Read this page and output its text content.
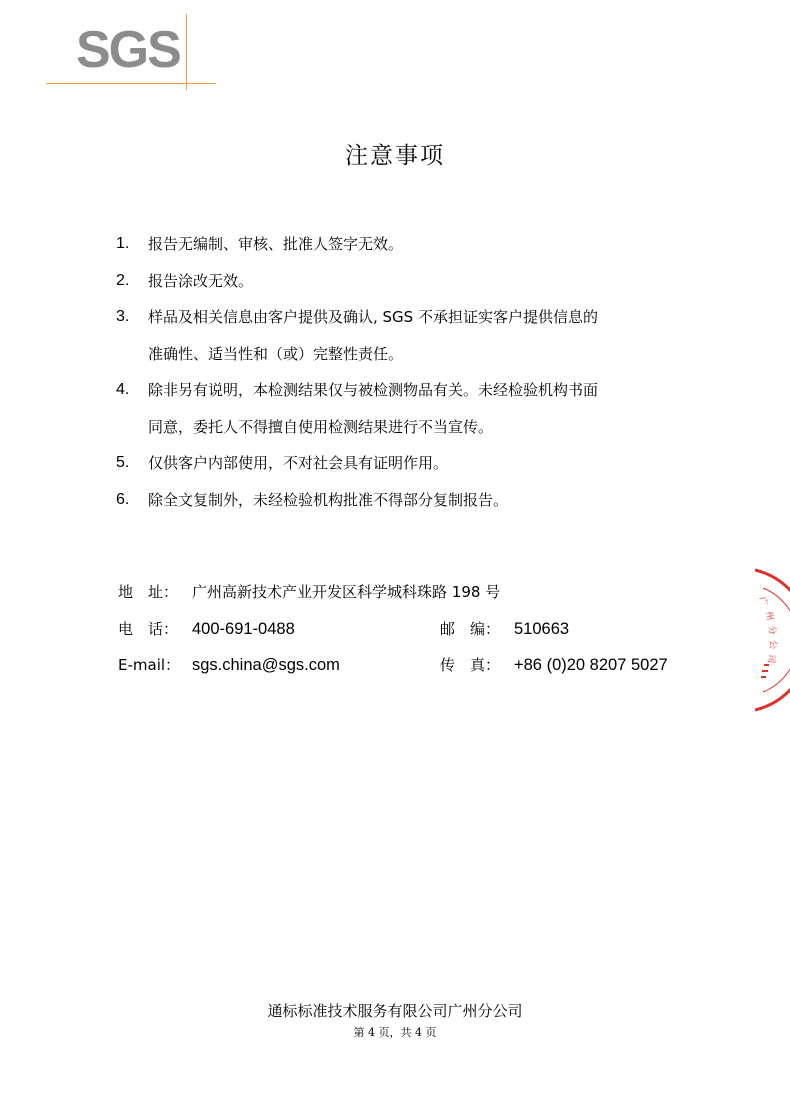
SGS
注意事项
1.	报告无编制、审核、批准人签字无效。
2.	报告涂改无效。
3.	样品及相关信息由客户提供及确认, SGS 不承担证实客户提供信息的
准确性、适当性和（或）完整性责任。
4.	除非另有说明，本检测结果仅与被检测物品有关。未经检验机构书面
同意，委托人不得擅自使用检测结果进行不当宣传。
5.	仅供客户内部使用，不对社会具有证明作用。
6.	除全文复制外，未经检验机构批准不得部分复制报告。
地　址： 广州高新技术产业开发区科学城科珠路 198 号
电　话： 400-691-0488	邮　编： 510663
E-mail： sgs.china@sgs.com	传　真： +86 (0)20 8207 5027
广
州
分
公
司
通标标准技术服务有限公司广州分公司
第 4 页，共 4 页
